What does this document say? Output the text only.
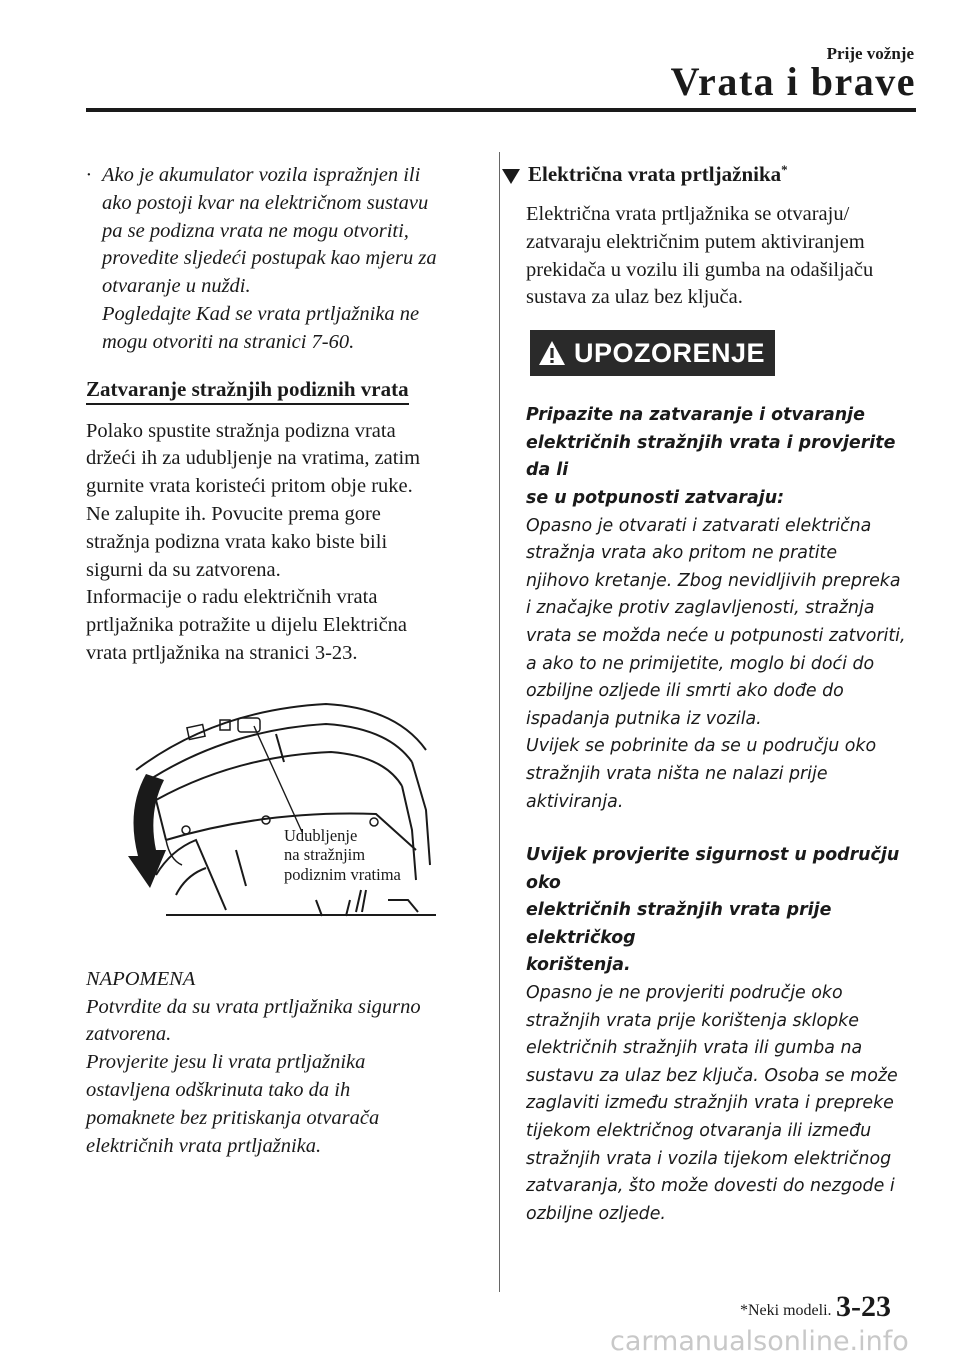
Prije vožnje
Vrata i brave
· Ako je akumulator vozila ispražnjen ili

ako postoji kvar na električnom sustavu

pa se podizna vrata ne mogu otvoriti,

provedite sljedeći postupak kao mjeru za

otvaranje u nuždi.

Pogledajte Kad se vrata prtljažnika ne

mogu otvoriti na stranici 7-60.

Zatvaranje stražnjih podiznih vrata

Polako spustite stražnja podizna vrata

držeći ih za udubljenje na vratima, zatim

gurnite vrata koristeći pritom obje ruke.

Ne zalupite ih. Povucite prema gore

stražnja podizna vrata kako biste bili

sigurni da su zatvorena.

Informacije o radu električnih vrata

prtljažnika potražite u dijelu Električna

vrata prtljažnika na stranici 3-23.

Udubljenje
na stražnjim
podiznim vratima

NAPOMENA

Potvrdite da su vrata prtljažnika sigurno

zatvorena.

Provjerite jesu li vrata prtljažnika

ostavljena odškrinuta tako da ih

pomaknete bez pritiskanja otvarača

električnih vrata prtljažnika.

Električna vrata prtljažnika*
Električna vrata prtljažnika se otvaraju/
zatvaraju električnim putem aktiviranjem
prekidača u vozilu ili gumba na odašiljaču
sustava za ulaz bez ključa.
UPOZORENJE

Pripazite na zatvaranje i otvaranje

električnih stražnjih vrata i provjerite da li

se u potpunosti zatvaraju:

Opasno je otvarati i zatvarati električna

stražnja vrata ako pritom ne pratite

njihovo kretanje. Zbog nevidljivih prepreka

i značajke protiv zaglavljenosti, stražnja

vrata se možda neće u potpunosti zatvoriti,

a ako to ne primijetite, moglo bi doći do

ozbiljne ozljede ili smrti ako dođe do

ispadanja putnika iz vozila.

Uvijek se pobrinite da se u području oko

stražnjih vrata ništa ne nalazi prije

aktiviranja.

Uvijek provjerite sigurnost u području oko

električnih stražnjih vrata prije električkog

korištenja.

Opasno je ne provjeriti područje oko

stražnjih vrata prije korištenja sklopke

električnih stražnjih vrata ili gumba na

sustavu za ulaz bez ključa. Osoba se može

zaglaviti između stražnjih vrata i prepreke

tijekom električnog otvaranja ili između

stražnjih vrata i vozila tijekom električnog

zatvaranja, što može dovesti do nezgode i

ozbiljne ozljede.

*Neki modeli. 3-23
carmanualsonline.info
